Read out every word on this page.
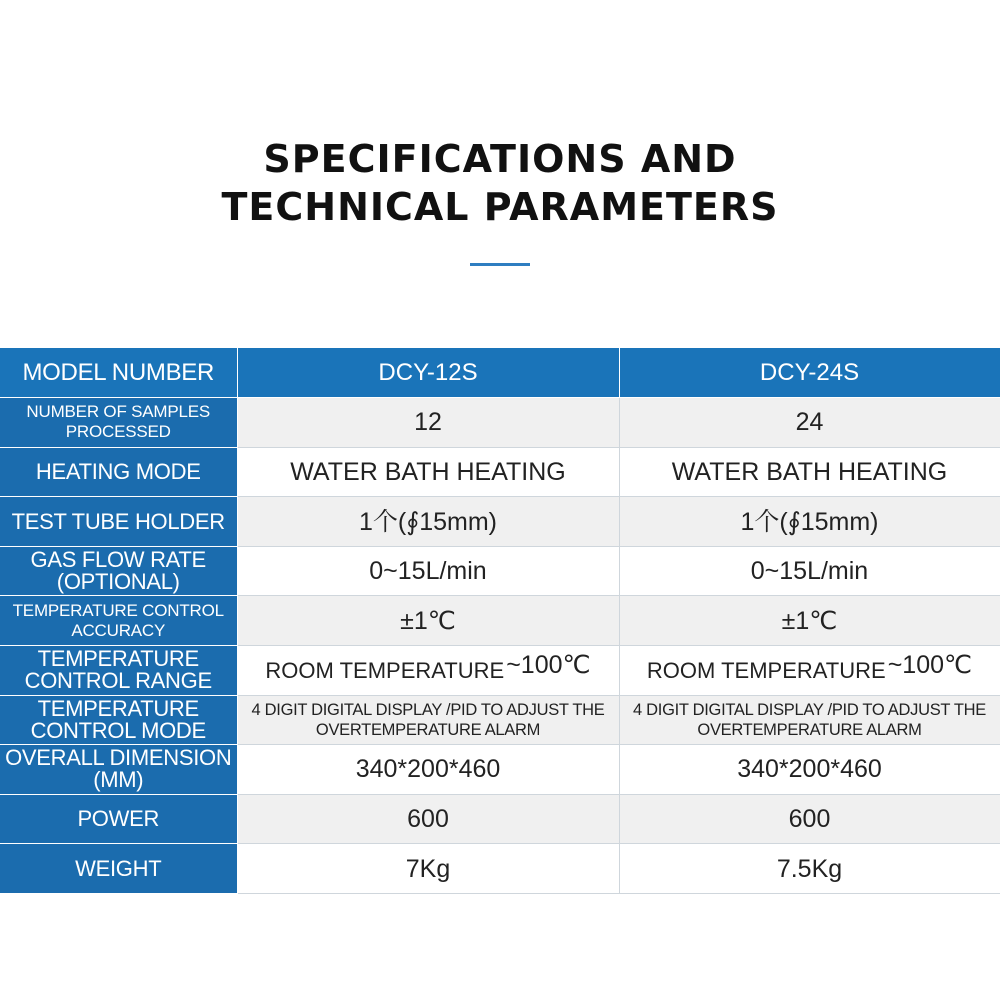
SPECIFICATIONS AND
TECHNICAL PARAMETERS
MODEL NUMBER	DCY-12S	DCY-24S
NUMBER OF SAMPLES PROCESSED	12	24
HEATING MODE	WATER BATH HEATING	WATER BATH HEATING
TEST TUBE HOLDER	1个(∮15mm)	1个(∮15mm)
GAS FLOW RATE (OPTIONAL)	0~15L/min	0~15L/min
TEMPERATURE CONTROL ACCURACY	±1℃	±1℃
TEMPERATURE CONTROL RANGE	ROOM TEMPERATURE ~100℃	ROOM TEMPERATURE ~100℃

TEMPERATURE CONTROL MODE	4 DIGIT DIGITAL DISPLAY /PID TO ADJUST THE OVERTEMPERATURE ALARM	4 DIGIT DIGITAL DISPLAY /PID TO ADJUST THE OVERTEMPERATURE ALARM
OVERALL DIMENSION (MM)	340*200*460	340*200*460
POWER	600	600
WEIGHT	7Kg	7.5Kg
